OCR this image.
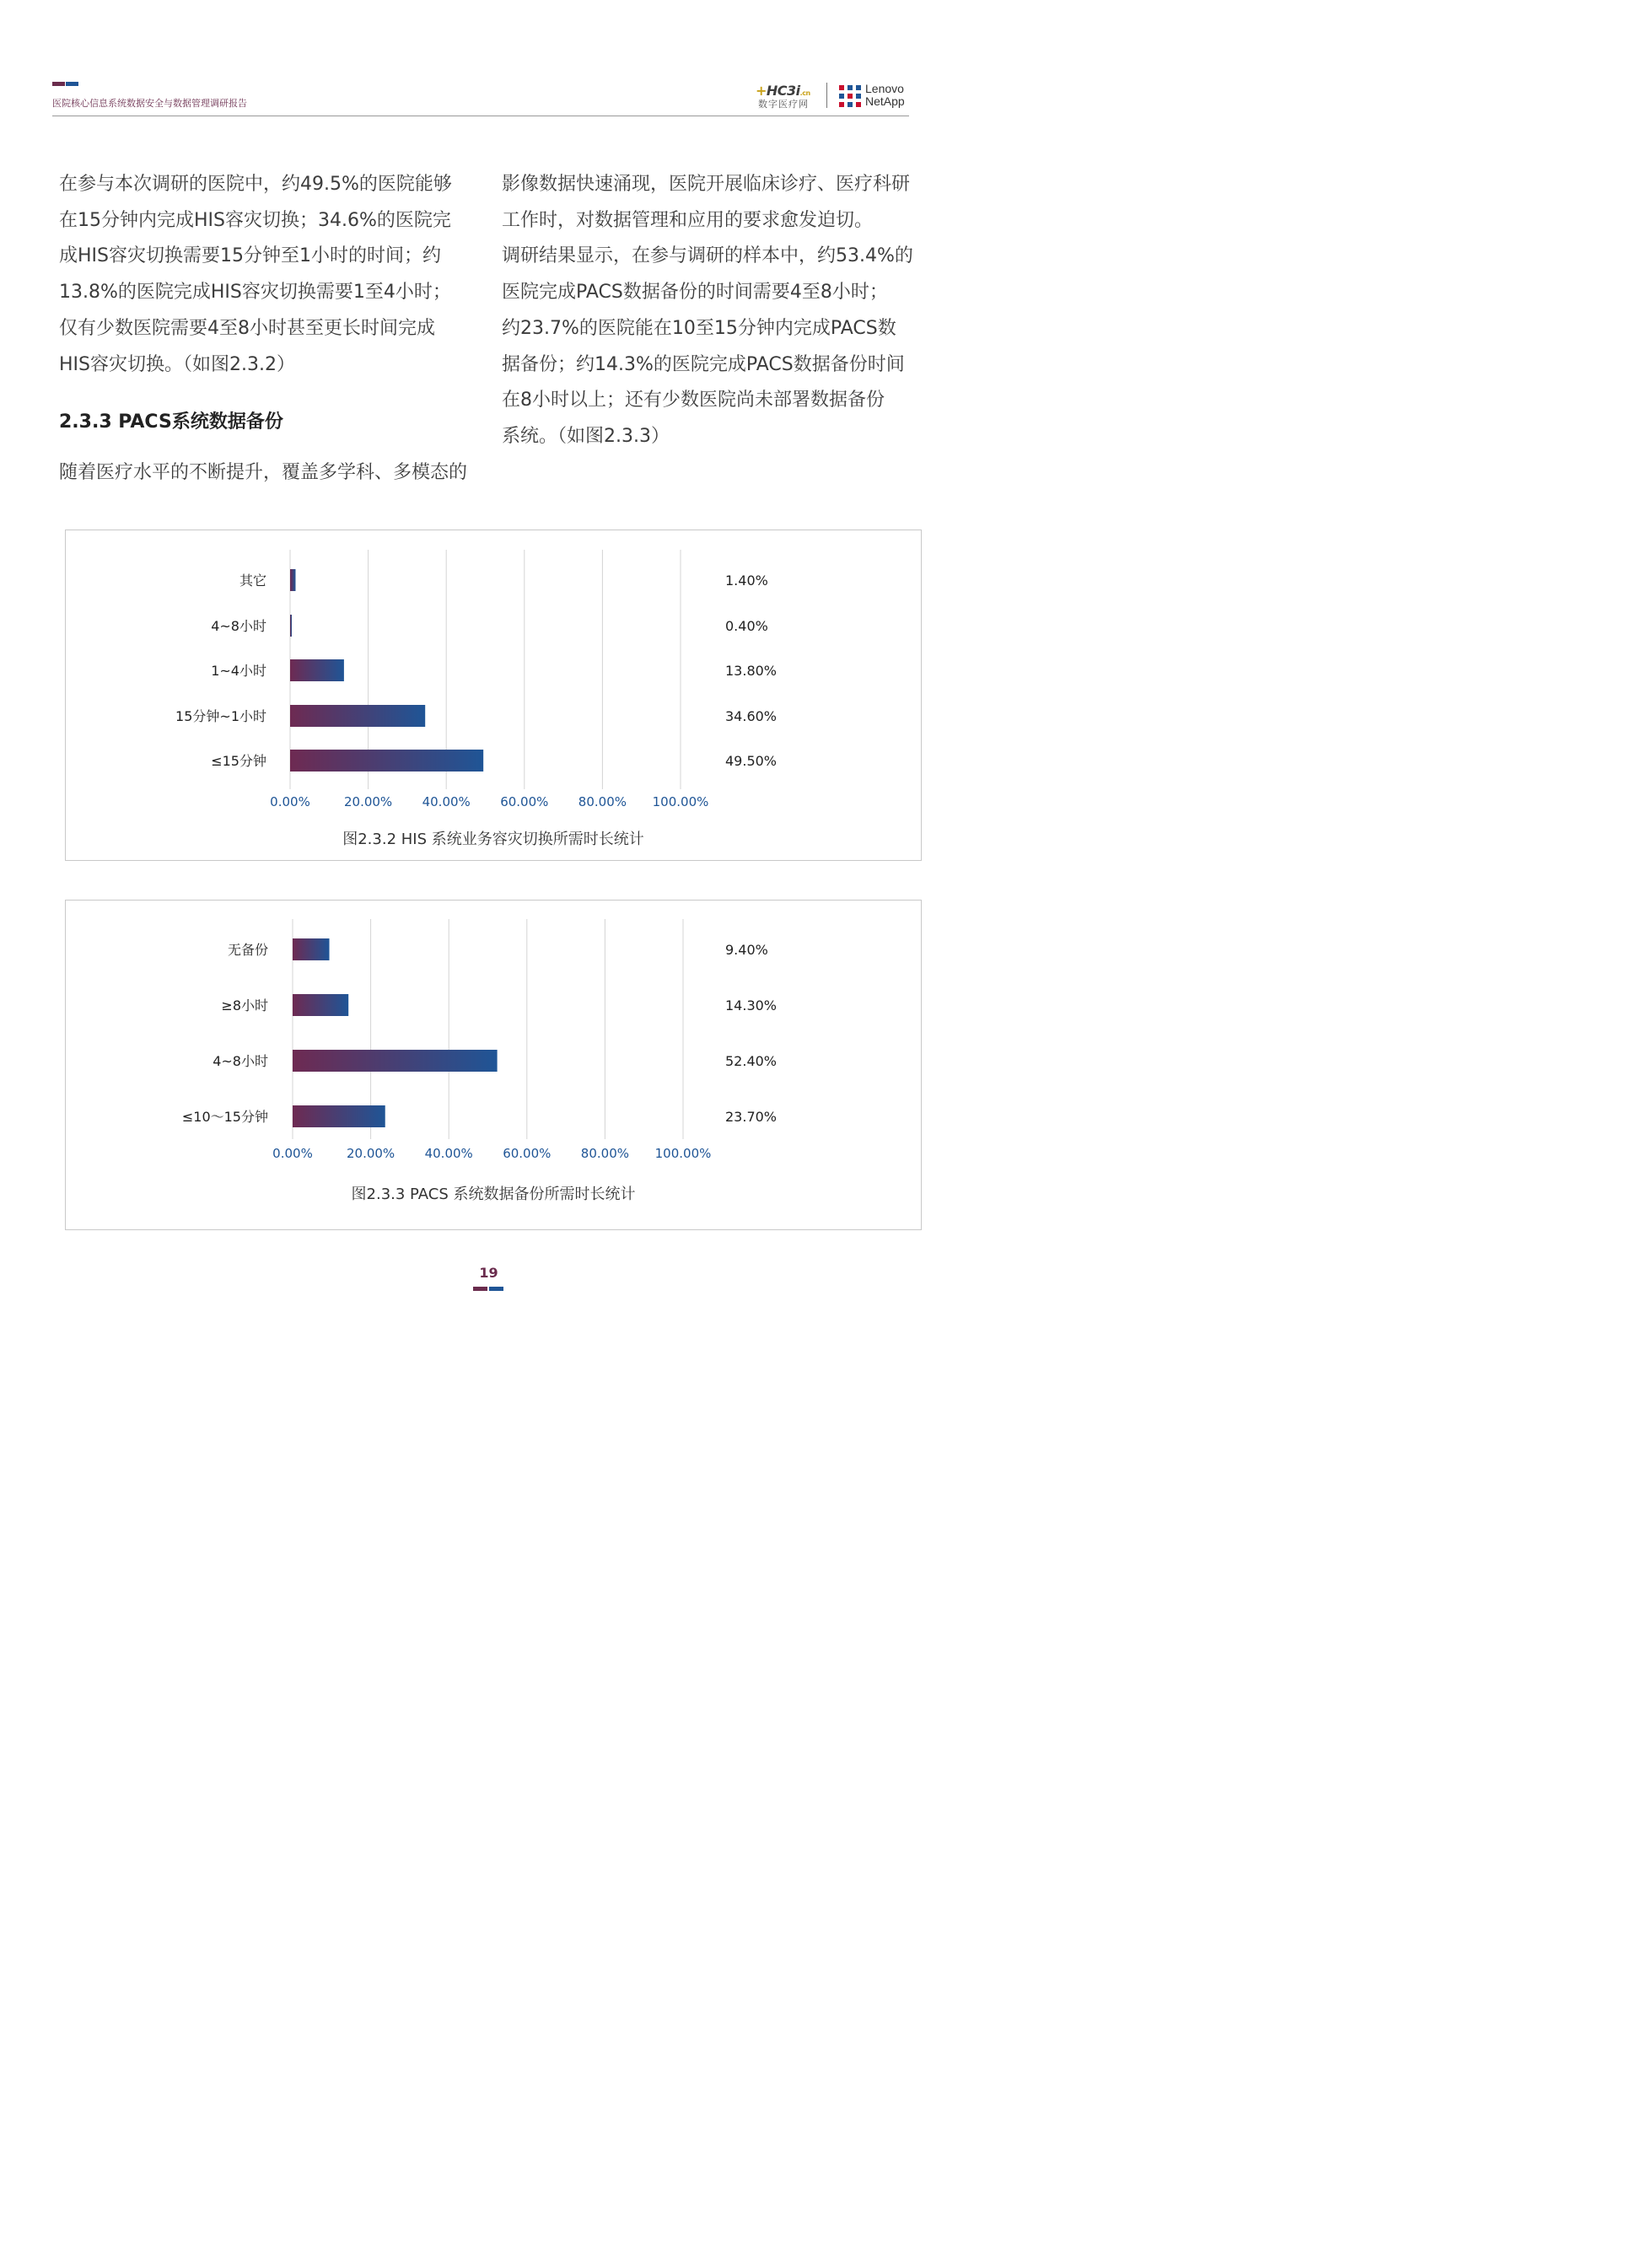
医院核心信息系统数据安全与数据管理调研报告
+HC3i.cn
数字医疗网
Lenovo
NetApp

在参与本次调研的医院中，约49.5%的医院能够

在15分钟内完成HIS容灾切换；34.6%的医院完

成HIS容灾切换需要15分钟至1小时的时间；约

13.8%的医院完成HIS容灾切换需要1至4小时；

仅有少数医院需要4至8小时甚至更长时间完成

HIS容灾切换。（如图2.3.2）

2.3.3 PACS系统数据备份
随着医疗水平的不断提升，覆盖多学科、多模态的

影像数据快速涌现，医院开展临床诊疗、医疗科研

工作时，对数据管理和应用的要求愈发迫切。

调研结果显示，在参与调研的样本中，约53.4%的

医院完成PACS数据备份的时间需要4至8小时；

约23.7%的医院能在10至15分钟内完成PACS数

据备份；约14.3%的医院完成PACS数据备份时间

在8小时以上；还有少数医院尚未部署数据备份

系统。（如图2.3.3）

0.00%	20.00% 40.00% 60.00% 80.00% 100.00%
其它	1.40%
4~8小时	0.40%
1~4小时	13.80%
15分钟~1小时	34.60%
≤15分钟	49.50%
图2.3.2 HIS 系统业务容灾切换所需时长统计
0.00%	20.00% 40.00% 60.00% 80.00% 100.00%
无备份	9.40%
≥8小时	14.30%
4~8小时	52.40%
≤10～15分钟	23.70%
图2.3.3 PACS 系统数据备份所需时长统计
19
